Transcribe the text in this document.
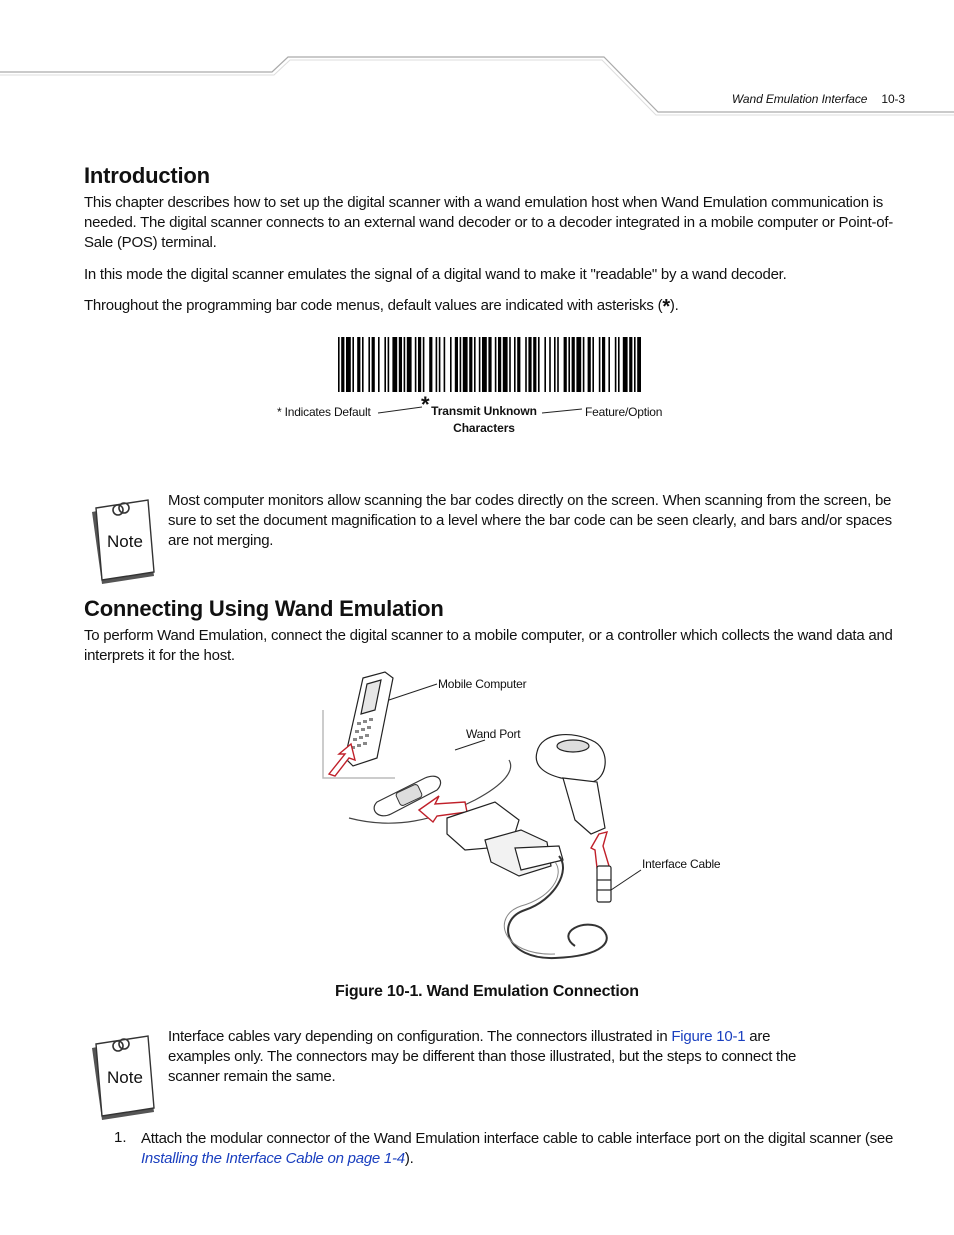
Wand Emulation Interface 10-3
Introduction

This chapter describes how to set up the digital scanner with a wand emulation host when Wand Emulation communication is needed. The digital scanner connects to an external wand decoder or to a decoder integrated in a mobile computer or Point-of-Sale (POS) terminal.

In this mode the digital scanner emulates the signal of a digital wand to make it "readable" by a wand decoder.

Throughout the programming bar code menus, default values are indicated with asterisks (*).

* Indicates Default * Transmit Unknown
Characters
Feature/Option
Note

Most computer monitors allow scanning the bar codes directly on the screen. When scanning from the screen, be sure to set the document magnification to a level where the bar code can be seen clearly, and bars and/or spaces are not merging.

Connecting Using Wand Emulation

To perform Wand Emulation, connect the digital scanner to a mobile computer, or a controller which collects the wand data and interprets it for the host.

Mobile Computer
Wand Port
Interface Cable
Figure 10-1. Wand Emulation Connection
Note

Interface cables vary depending on configuration. The connectors illustrated in Figure 10-1 are examples only. The connectors may be different than those illustrated, but the steps to connect the scanner remain the same.

1. Attach the modular connector of the Wand Emulation interface cable to cable interface port on the digital scanner (see Installing the Interface Cable on page 1-4).
